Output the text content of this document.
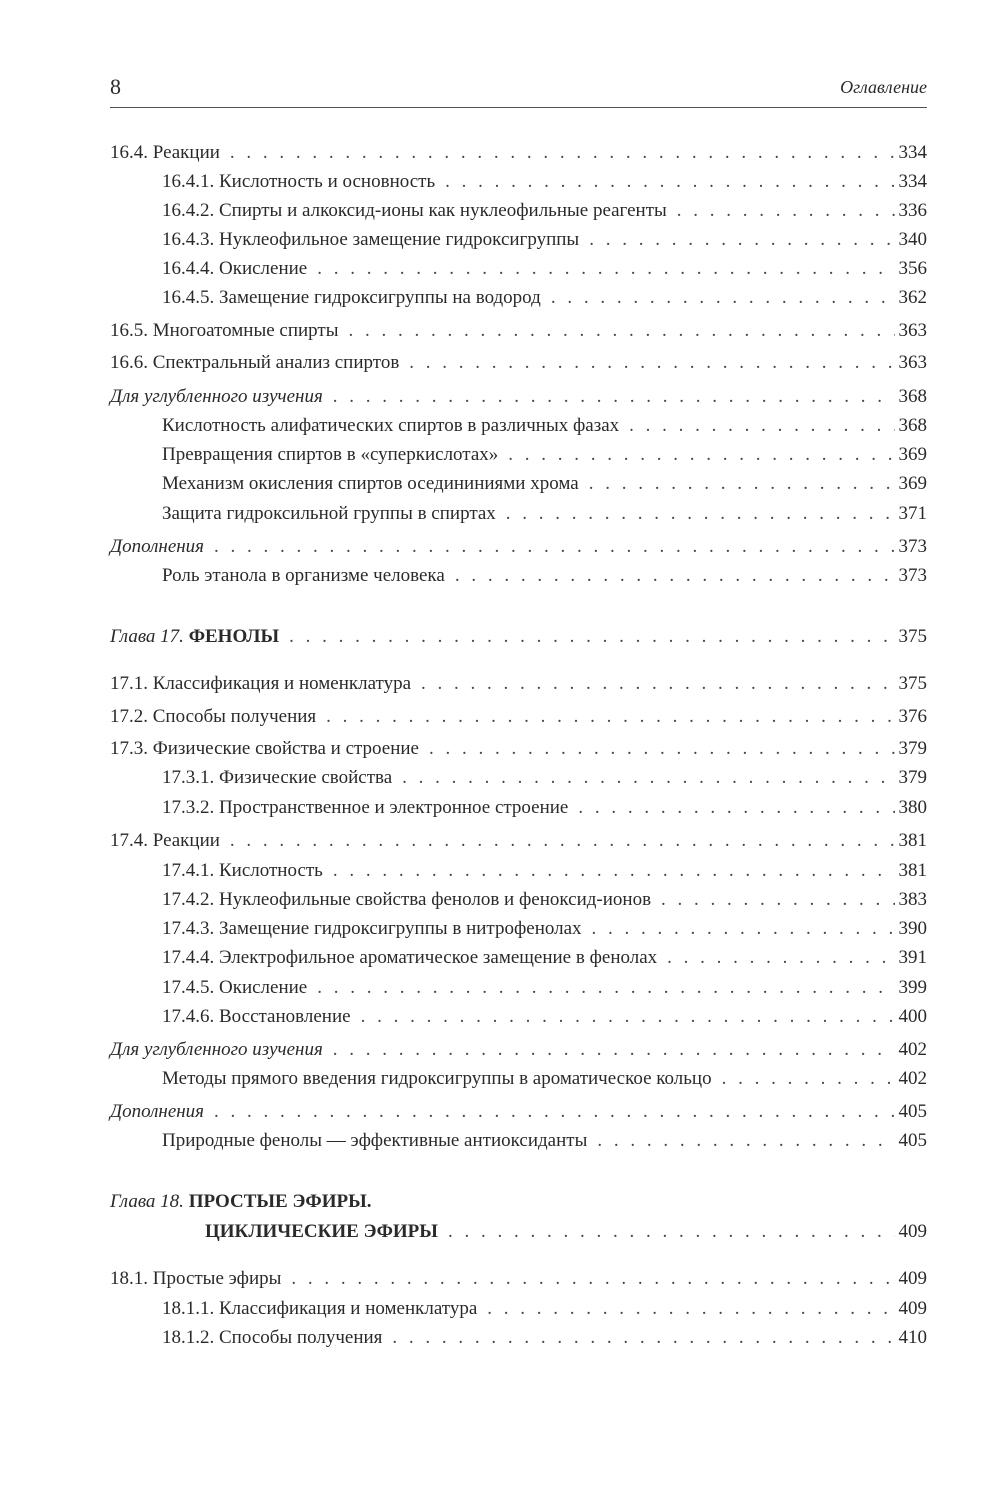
8	Оглавление
16.4. Реакции . . .	334
16.4.1. Кислотность и основность . . .	334
16.4.2. Спирты и алкоксид-ионы как нуклеофильные реагенты . . .	336
16.4.3. Нуклеофильное замещение гидроксигруппы . . .	340
16.4.4. Окисление . . .	356
16.4.5. Замещение гидроксигруппы на водород . . .	362
16.5. Многоатомные спирты . . .	363
16.6. Спектральный анализ спиртов . . .	363
Для углубленного изучения . . .	368
Кислотность алифатических спиртов в различных фазах . . .	368
Превращения спиртов в «суперкислотах» . . .	369
Механизм окисления спиртов оседининиями хрома . . .	369
Защита гидроксильной группы в спиртах . . .	371
Дополнения . . .	373
Роль этанола в организме человека . . .	373
Глава 17. ФЕНОЛЫ . . .	375
17.1. Классификация и номенклатура . . .	375
17.2. Способы получения . . .	376
17.3. Физические свойства и строение . . .	379
17.3.1. Физические свойства . . .	379
17.3.2. Пространственное и электронное строение . . .	380
17.4. Реакции . . .	381
17.4.1. Кислотность . . .	381
17.4.2. Нуклеофильные свойства фенолов и феноксид-ионов . . .	383
17.4.3. Замещение гидроксигруппы в нитрофенолах . . .	390
17.4.4. Электрофильное ароматическое замещение в фенолах . . .	391
17.4.5. Окисление . . .	399
17.4.6. Восстановление . . .	400
Для углубленного изучения . . .	402
Методы прямого введения гидроксигруппы в ароматическое кольцо . . .	402
Дополнения . . .	405
Природные фенолы — эффективные антиоксиданты . . .	405
Глава 18. ПРОСТЫЕ ЭФИРЫ.
ЦИКЛИЧЕСКИЕ ЭФИРЫ . . .	409
18.1. Простые эфиры . . .	409
18.1.1. Классификация и номенклатура . . .	409
18.1.2. Способы получения . . .	410
